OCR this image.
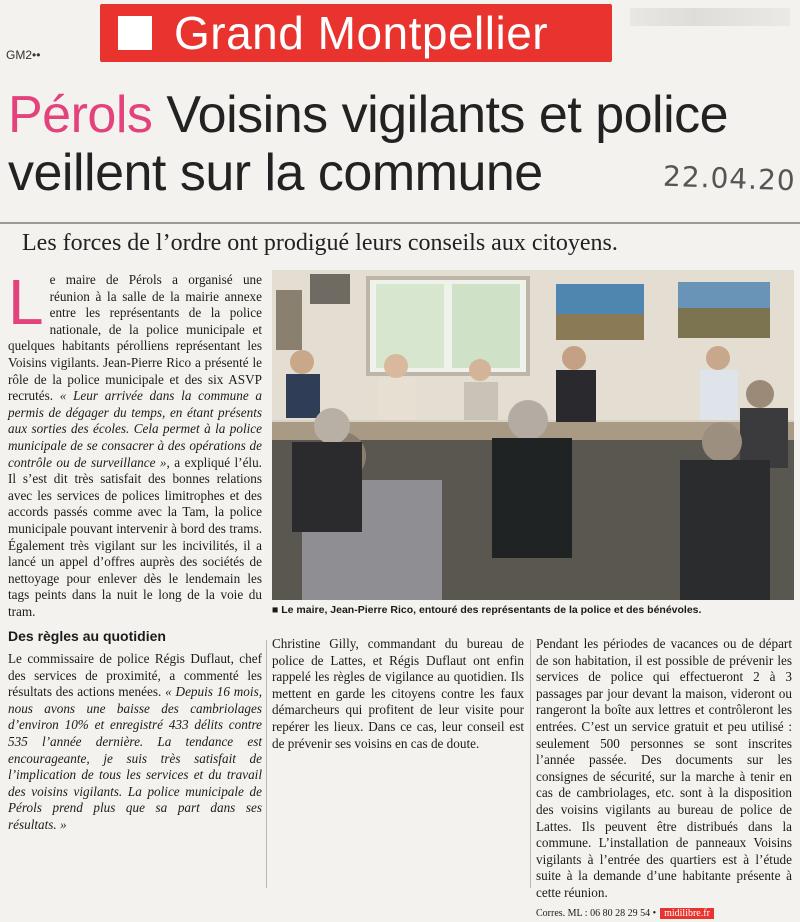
Grand Montpellier
GM2••
Pérols Voisins vigilants et police veillent sur la commune	22.04.20
Les forces de l’ordre ont prodigué leurs conseils aux citoyens.

Le maire de Pérols a organisé une réunion à la salle de la mairie annexe entre les représentants de la police nationale, de la police municipale et quelques habitants pérolliens représentant les Voisins vigilants. Jean-Pierre Rico a présenté le rôle de la police municipale et des six ASVP recrutés. « Leur arrivée dans la commune a permis de dégager du temps, en étant présents aux sorties des écoles. Cela permet à la police municipale de se consacrer à des opérations de contrôle ou de surveillance », a expliqué l’élu. Il s’est dit très satisfait des bonnes relations avec les services de polices limitrophes et des accords passés comme avec la Tam, la police municipale pouvant intervenir à bord des trams. Également très vigilant sur les incivilités, il a lancé un appel d’offres auprès des sociétés de nettoyage pour enlever dès le lendemain les tags peints dans la nuit le long de la voie du tram.

Des règles au quotidien

Le commissaire de police Régis Duflaut, chef des services de proximité, a commenté les résultats des actions menées. « Depuis 16 mois, nous avons une baisse des cambriolages d’environ 10% et enregistré 433 délits contre 535 l’année dernière. La tendance est encourageante, je suis très satisfait de l’implication de tous les services et du travail des voisins vigilants. La police municipale de Pérols prend plus que sa part dans ses résultats. »

■ Le maire, Jean-Pierre Rico, entouré des représentants de la police et des bénévoles.

Christine Gilly, commandant du bureau de police de Lattes, et Régis Duflaut ont enfin rappelé les règles de vigilance au quotidien. Ils mettent en garde les citoyens contre les faux démarcheurs qui profitent de leur visite pour repérer les lieux. Dans ce cas, leur conseil est de prévenir ses voisins en cas de doute.

Pendant les périodes de vacances ou de départ de son habitation, il est possible de prévenir les services de police qui effectueront 2 à 3 passages par jour devant la maison, videront ou rangeront la boîte aux lettres et contrôleront les entrées. C’est un service gratuit et peu utilisé : seulement 500 personnes se sont inscrites l’année passée. Des documents sur les consignes de sécurité, sur la marche à tenir en cas de cambriolages, etc. sont à la disposition des voisins vigilants au bureau de police de Lattes. Ils peuvent être distribués dans la commune. L’installation de panneaux Voisins vigilants à l’entrée des quartiers est à l’étude suite à la demande d’une habitante présente à cette réunion.

Corres. ML : 06 80 28 29 54 • midilibre.fr
